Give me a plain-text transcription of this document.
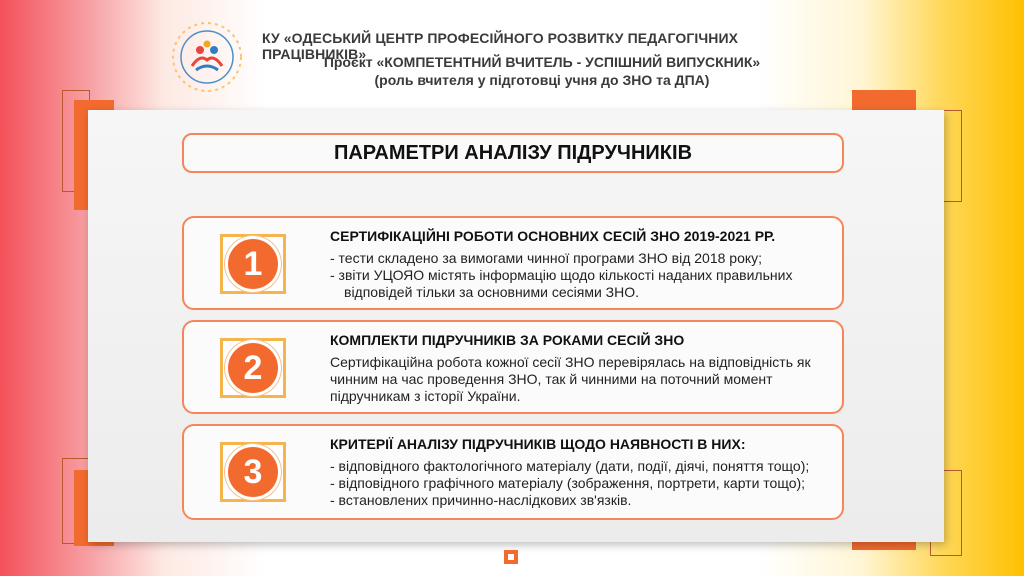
КУ «ОДЕСЬКИЙ ЦЕНТР ПРОФЕСІЙНОГО РОЗВИТКУ ПЕДАГОГІЧНИХ ПРАЦІВНИКІВ»
Проєкт «КОМПЕТЕНТНИЙ ВЧИТЕЛЬ - УСПІШНИЙ ВИПУСКНИК»
(роль вчителя у підготовці учня до ЗНО та ДПА)
ПАРАМЕТРИ АНАЛІЗУ ПІДРУЧНИКІВ
1
СЕРТИФІКАЦІЙНІ РОБОТИ ОСНОВНИХ СЕСІЙ ЗНО 2019-2021 РР.
- тести складено за вимогами чинної програми ЗНО від 2018 року;
- звіти УЦОЯО містять інформацію щодо кількості наданих правильних
відповідей тільки за основними сесіями ЗНО.
2
КОМПЛЕКТИ ПІДРУЧНИКІВ ЗА РОКАМИ СЕСІЙ ЗНО
Сертифікаційна робота кожної сесії ЗНО перевірялась на відповідність як
чинним на час проведення ЗНО, так й чинними на поточний момент
підручникам з історії України.
3
КРИТЕРІЇ АНАЛІЗУ ПІДРУЧНИКІВ ЩОДО НАЯВНОСТІ В НИХ:
- відповідного фактологічного матеріалу (дати, події, діячі, поняття тощо);
- відповідного графічного матеріалу (зображення, портрети, карти тощо);
- встановлених причинно-наслідкових зв'язків.
